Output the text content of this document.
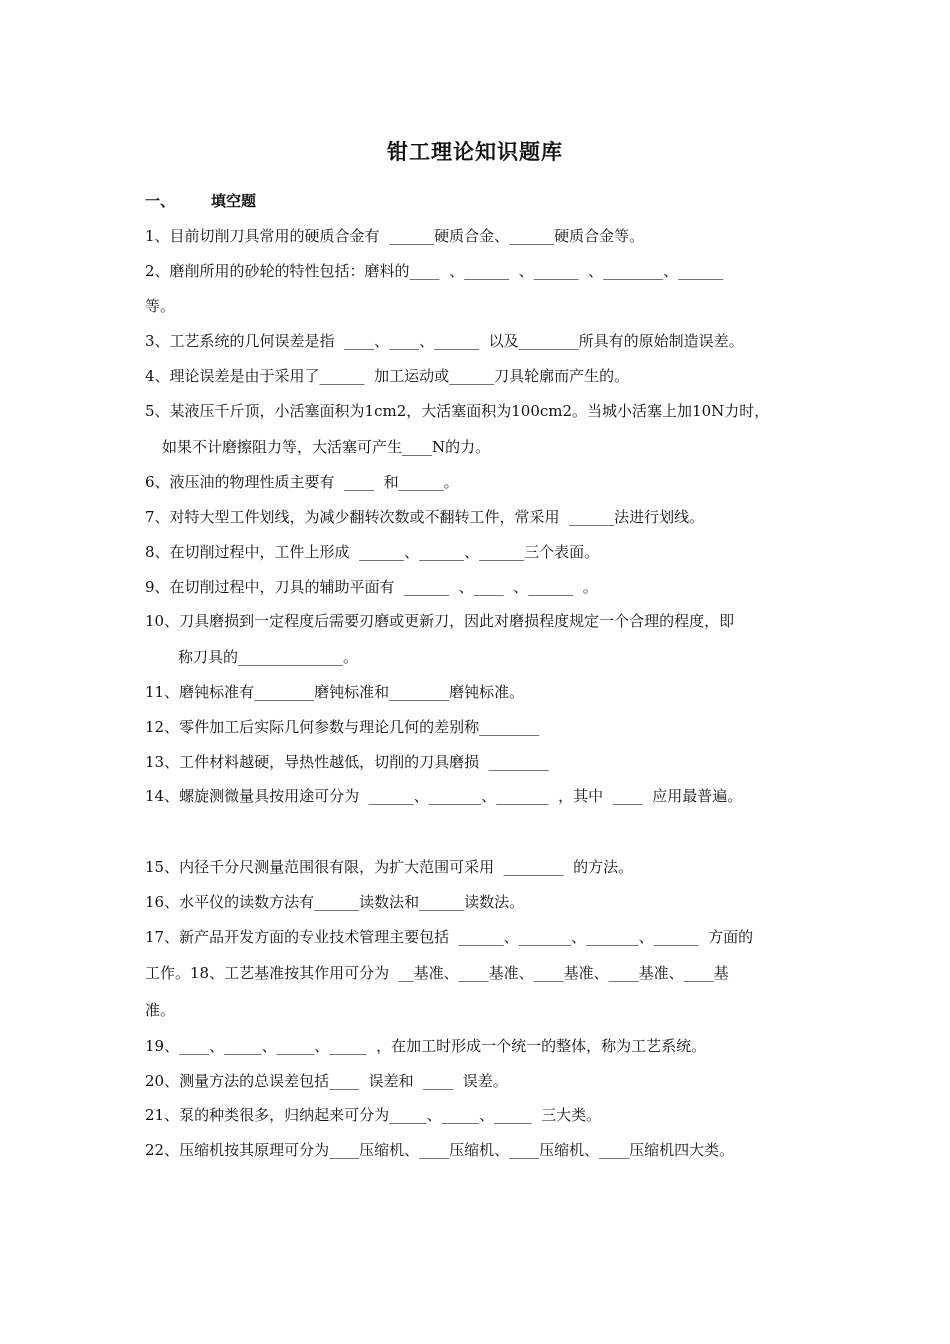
钳工理论知识题库
一、 填空题
1、目前切削刀具常用的硬质合金有  ______硬质合金、______硬质合金等。
2、磨削所用的砂轮的特性包括：磨料的____  、______  、______  、________、______
等。
3、工艺系统的几何误差是指  ____、____、______  以及________所具有的原始制造误差。
4、理论误差是由于采用了______  加工运动或______刀具轮廓而产生的。
5、某液压千斤顶，小活塞面积为1cm2，大活塞面积为100cm2。当城小活塞上加10N力时，
如果不计磨擦阻力等，大活塞可产生____N的力。
6、液压油的物理性质主要有  ____  和______。
7、对特大型工件划线，为减少翻转次数或不翻转工件，常采用  ______法进行划线。
8、在切削过程中，工件上形成  ______、______、______三个表面。
9、在切削过程中，刀具的辅助平面有  ______  、____  、______  。
10、刀具磨损到一定程度后需要刃磨或更新刀，因此对磨损程度规定一个合理的程度，即
称刀具的______________。
11、磨钝标准有________磨钝标准和________磨钝标准。
12、零件加工后实际几何参数与理论几何的差别称________
13、工件材料越硬，导热性越低，切削的刀具磨损  ________
14、螺旋测微量具按用途可分为  ______、_______、_______  ，其中  ____  应用最普遍。
15、内径千分尺测量范围很有限，为扩大范围可采用  ________  的方法。
16、水平仪的读数方法有______读数法和______读数法。
17、新产品开发方面的专业技术管理主要包括  ______、_______、_______、______  方面的
工作。18、工艺基准按其作用可分为  __基准、____基准、____基准、____基准、____基
准。
19、____、_____、_____、_____  ，在加工时形成一个统一的整体，称为工艺系统。
20、测量方法的总误差包括____  误差和  ____  误差。
21、泵的种类很多，归纳起来可分为_____、_____、_____  三大类。
22、压缩机按其原理可分为____压缩机、____压缩机、____压缩机、____压缩机四大类。
